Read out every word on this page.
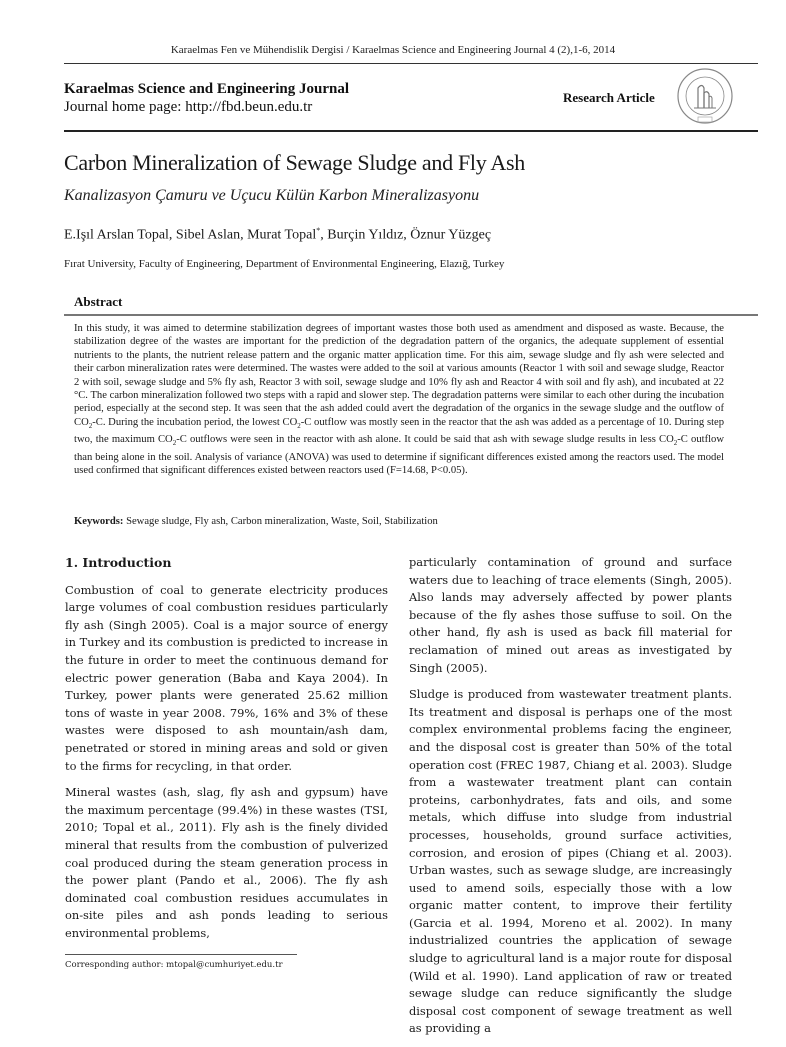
Karaelmas Fen ve Mühendislik Dergisi / Karaelmas Science and Engineering Journal 4 (2),1-6, 2014
Karaelmas Science and Engineering Journal
Journal home page: http://fbd.beun.edu.tr
Research Article
Carbon Mineralization of Sewage Sludge and Fly Ash
Kanalizasyon Çamuru ve Uçucu Külün Karbon Mineralizasyonu
E.Işıl Arslan Topal, Sibel Aslan, Murat Topal*, Burçin Yıldız, Öznur Yüzgeç
Fırat University, Faculty of Engineering, Department of Environmental Engineering, Elazığ, Turkey
Abstract
In this study, it was aimed to determine stabilization degrees of important wastes those both used as amendment and disposed as waste. Because, the stabilization degree of the wastes are important for the prediction of the degradation pattern of the organics, the adequate supplement of essential nutrients to the plants, the nutrient release pattern and the organic matter application time. For this aim, sewage sludge and fly ash were selected and their carbon mineralization rates were determined. The wastes were added to the soil at various amounts (Reactor 1 with soil and sewage sludge, Reactor 2 with soil, sewage sludge and 5% fly ash, Reactor 3 with soil, sewage sludge and 10% fly ash and Reactor 4 with soil and fly ash), and incubated at 22 °C. The carbon mineralization followed two steps with a rapid and slower step. The degradation patterns were similar to each other during the incubation period, especially at the second step. It was seen that the ash added could avert the degradation of the organics in the sewage sludge and the outflow of $CO_2-C$. During the incubation period, the lowest $CO_2-C$ outflow was mostly seen in the reactor that the ash was added as a percentage of 10. During step two, the maximum $CO_2-C$ outflows were seen in the reactor with ash alone. It could be said that ash with sewage sludge results in less $CO_2-C$ outflow than being alone in the soil. Analysis of variance (ANOVA) was used to determine if significant differences existed among the reactors used. The model used confirmed that significant differences existed between reactors used (F=14.68, P<0.05).
Keywords: Sewage sludge, Fly ash, Carbon mineralization, Waste, Soil, Stabilization
1. Introduction

Combustion of coal to generate electricity produces large volumes of coal combustion residues particularly fly ash (Singh 2005). Coal is a major source of energy in Turkey and its combustion is predicted to increase in the future in order to meet the continuous demand for electric power generation (Baba and Kaya 2004). In Turkey, power plants were generated 25.62 million tons of waste in year 2008. 79%, 16% and 3% of these wastes were disposed to ash mountain/ash dam, penetrated or stored in mining areas and sold or given to the firms for recycling, in that order.

Mineral wastes (ash, slag, fly ash and gypsum) have the maximum percentage (99.4%) in these wastes (TSI, 2010; Topal et al., 2011). Fly ash is the finely divided mineral that results from the combustion of pulverized coal produced during the steam generation process in the power plant (Pando et al., 2006). The fly ash dominated coal combustion residues accumulates in on-site piles and ash ponds leading to serious environmental problems,

particularly contamination of ground and surface waters due to leaching of trace elements (Singh, 2005). Also lands may adversely affected by power plants because of the fly ashes those suffuse to soil. On the other hand, fly ash is used as back fill material for reclamation of mined out areas as investigated by Singh (2005).

Sludge is produced from wastewater treatment plants. Its treatment and disposal is perhaps one of the most complex environmental problems facing the engineer, and the disposal cost is greater than 50% of the total operation cost (FREC 1987, Chiang et al. 2003). Sludge from a wastewater treatment plant can contain proteins, carbonhydrates, fats and oils, and some metals, which diffuse into sludge from industrial processes, households, ground surface activities, corrosion, and erosion of pipes (Chiang et al. 2003). Urban wastes, such as sewage sludge, are increasingly used to amend soils, especially those with a low organic matter content, to improve their fertility (Garcia et al. 1994, Moreno et al. 2002). In many industrialized countries the application of sewage sludge to agricultural land is a major route for disposal (Wild et al. 1990). Land application of raw or treated sewage sludge can reduce significantly the sludge disposal cost component of sewage treatment as well as providing a

Corresponding author: mtopal@cumhuriyet.edu.tr
